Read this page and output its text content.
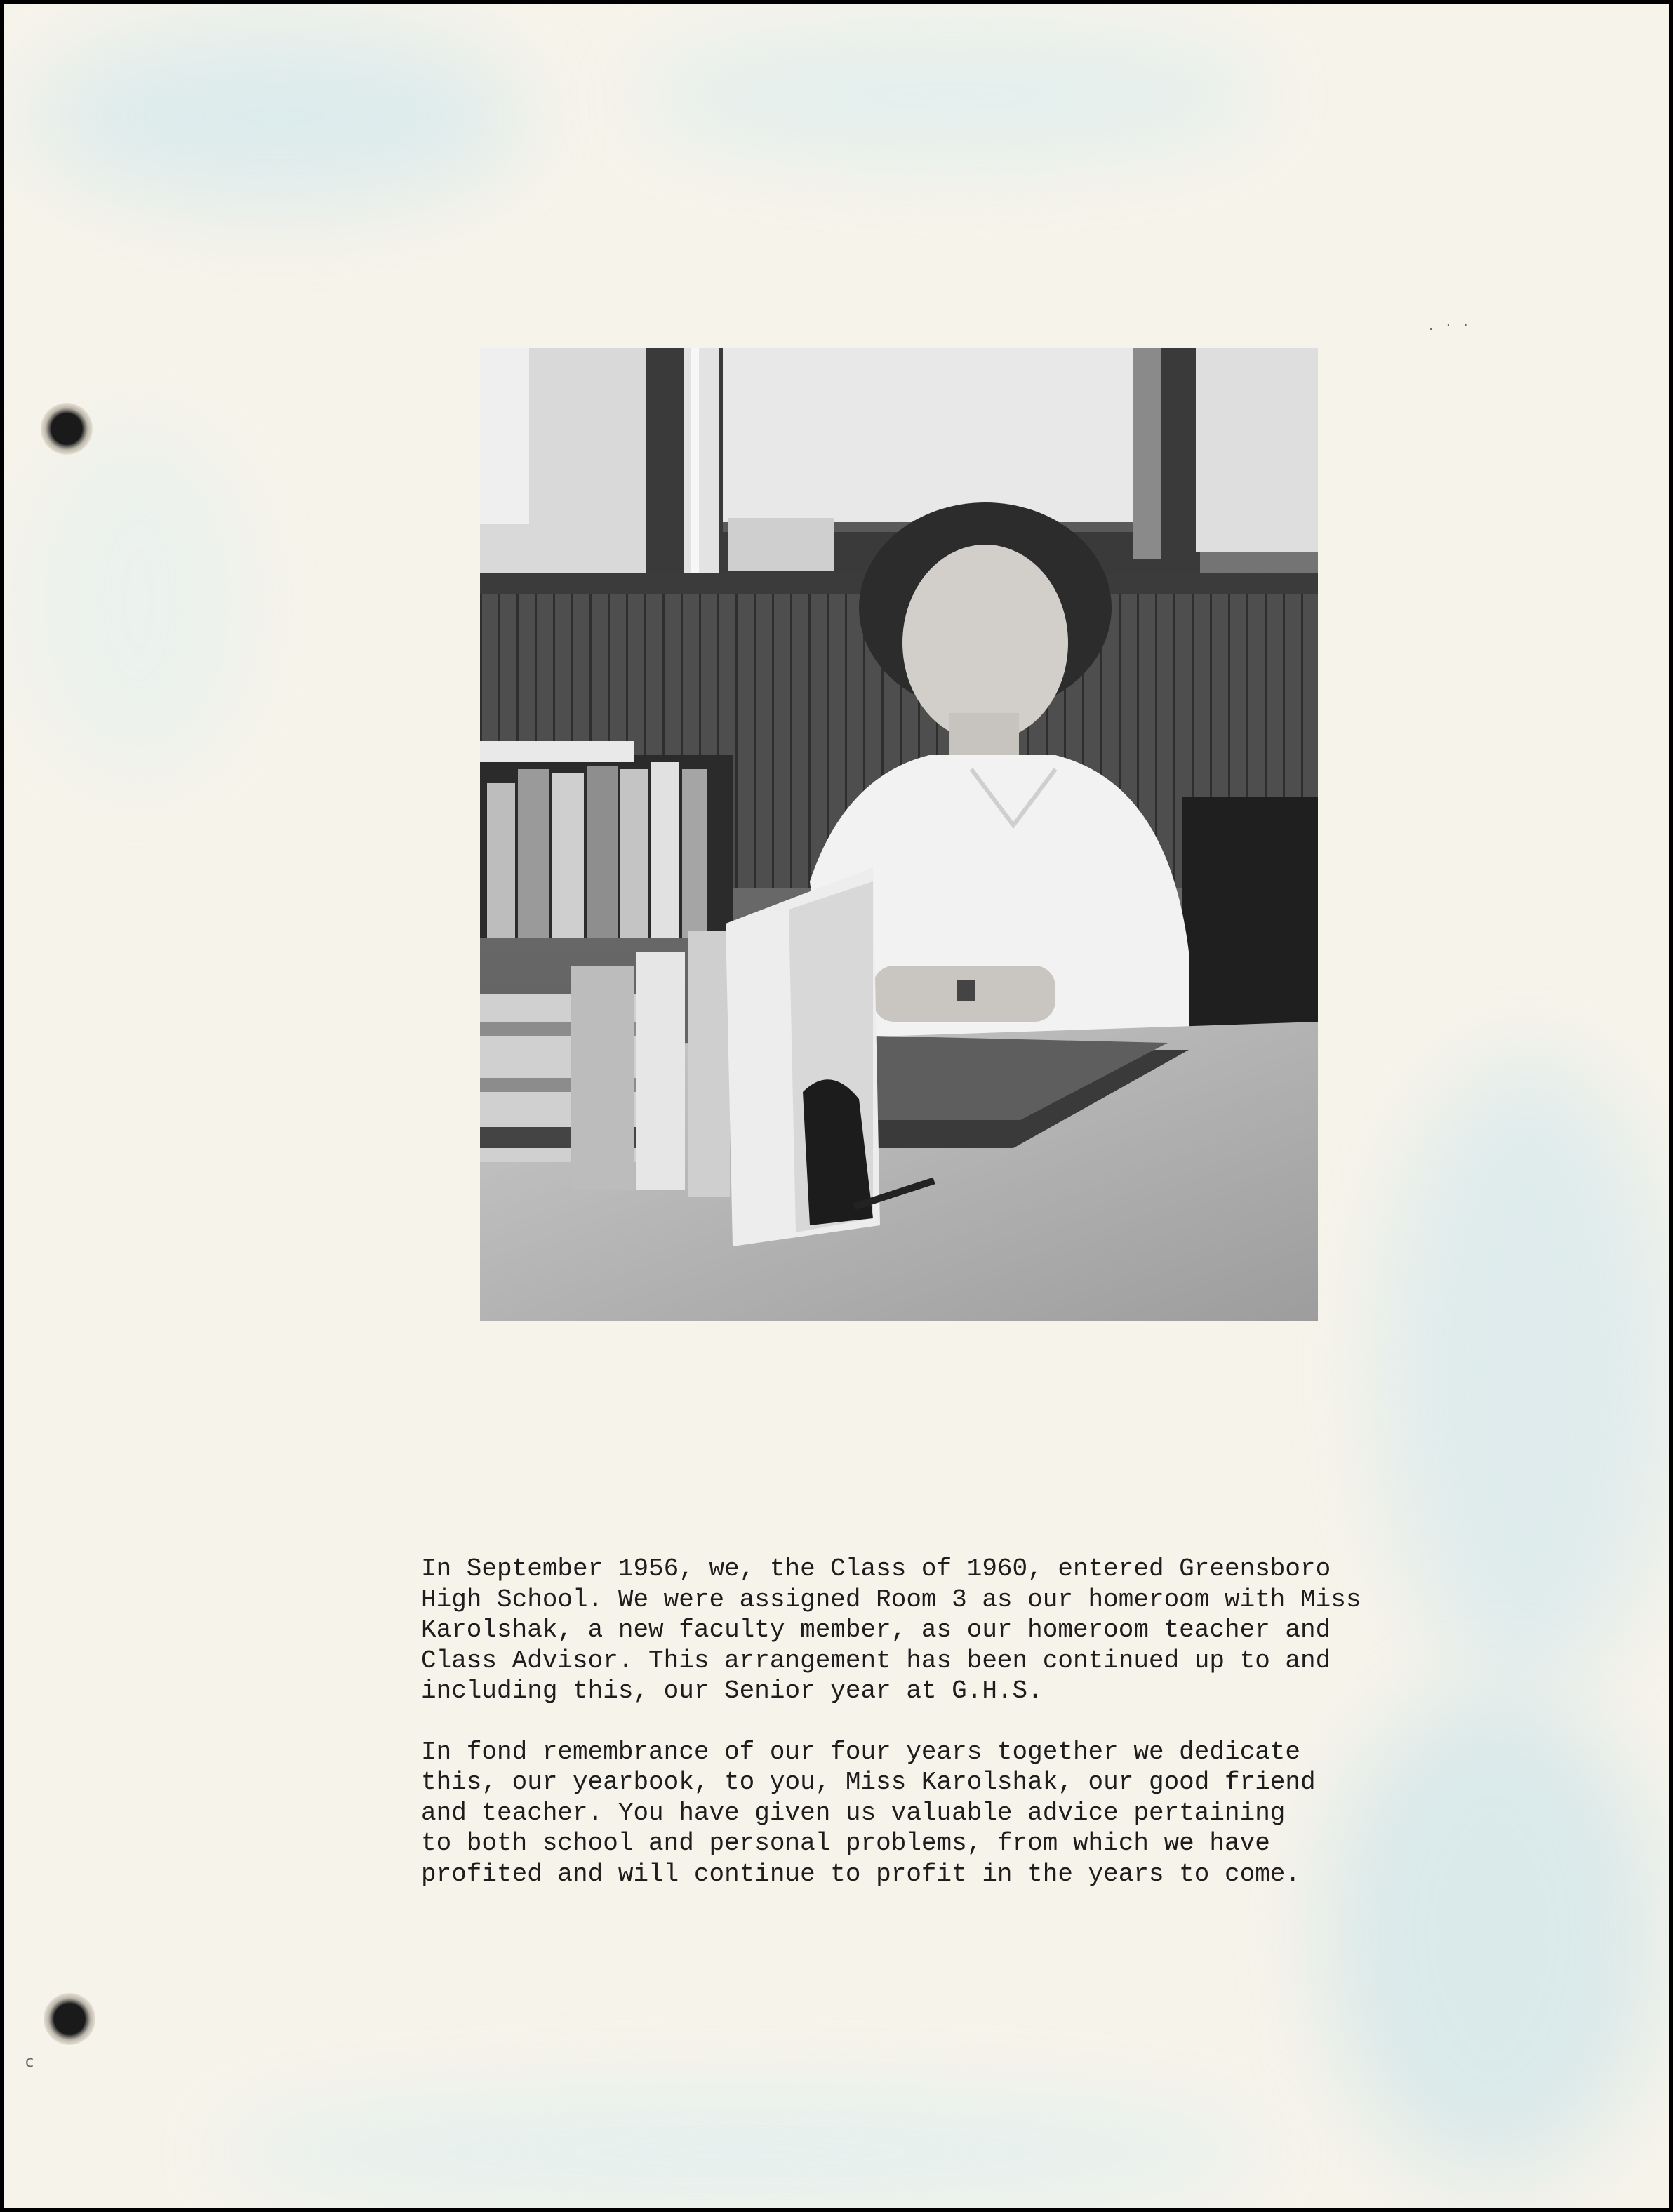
c
. · ·

In September 1956, we, the Class of 1960, entered Greensboro
High School. We were assigned Room 3 as our homeroom with Miss
Karolshak, a new faculty member, as our homeroom teacher and
Class Advisor. This arrangement has been continued up to and
including this, our Senior year at G.H.S.

In fond remembrance of our four years together we dedicate
this, our yearbook, to you, Miss Karolshak, our good friend
and teacher. You have given us valuable advice pertaining
to both school and personal problems, from which we have
profited and will continue to profit in the years to come.
